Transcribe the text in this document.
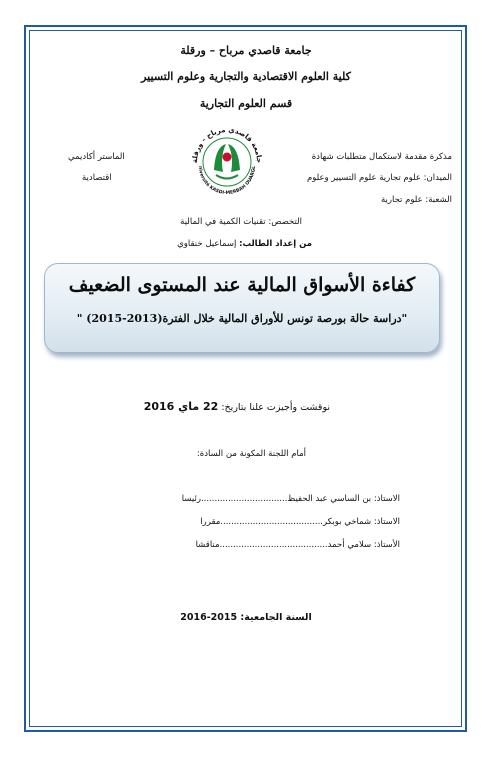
جامعة قاصدي مرباح – ورقلة
كلية العلوم الاقتصادية والتجارية وعلوم التسيير
قسم العلوم التجارية
مذكرة مقدمة لاستكمال متطلبات شهادة
الميدان: علوم تجارية علوم التسيير وعلوم
الشعبة: علوم تجارية
الماستر أكاديمي
اقتصادية
جامعة قاصدي مرباح - ورقلة
niversité KASDI-MERBAH OUARGL
التخصص: تقنيات الكمية في المالية
من إعداد الطالب: إسماعيل خنقاوي
كفاءة الأسواق المالية عند المستوى الضعيف
"دراسة حالة بورصة تونس للأوراق المالية خلال الفترة(2013-2015) "
نوقشت وأجيزت علنا بتاريخ: 22 ماي 2016
أمام اللجنة المكونة من السادة:
الاستاذ: بن الساسي عبد الحفيظ................................رئيسا
الاستاذ: شماخي بوبكر......................................مقررا
الأستاذ: سلامي أحمد........................................مناقشا
السنة الجامعية: 2015-2016
